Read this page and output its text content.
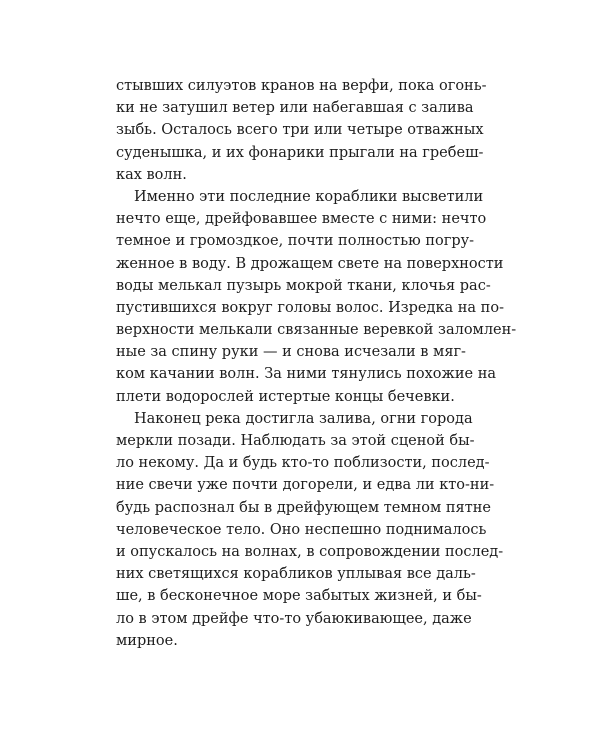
стывших силуэтов кранов на верфи, пока огонь-
ки не затушил ветер или набегавшая с залива
зыбь. Осталось всего три или четыре отважных
суденышка, и их фонарики прыгали на гребеш-
ках волн.
Именно эти последние кораблики высветили
нечто еще, дрейфовавшее вместе с ними: нечто
темное и громоздкое, почти полностью погру-
женное в воду. В дрожащем свете на поверхности
воды мелькал пузырь мокрой ткани, клочья рас-
пустившихся вокруг головы волос. Изредка на по-
верхности мелькали связанные веревкой заломлен-
ные за спину руки — и снова исчезали в мяг-
ком качании волн. За ними тянулись похожие на
плети водорослей истертые концы бечевки.
Наконец река достигла залива, огни города
меркли позади. Наблюдать за этой сценой бы-
ло некому. Да и будь кто-то поблизости, послед-
ние свечи уже почти догорели, и едва ли кто-ни-
будь распознал бы в дрейфующем темном пятне
человеческое тело. Оно неспешно поднималось
и опускалось на волнах, в сопровождении послед-
них светящихся корабликов уплывая все даль-
ше, в бесконечное море забытых жизней, и бы-
ло в этом дрейфе что-то убаюкивающее, даже
мирное.
